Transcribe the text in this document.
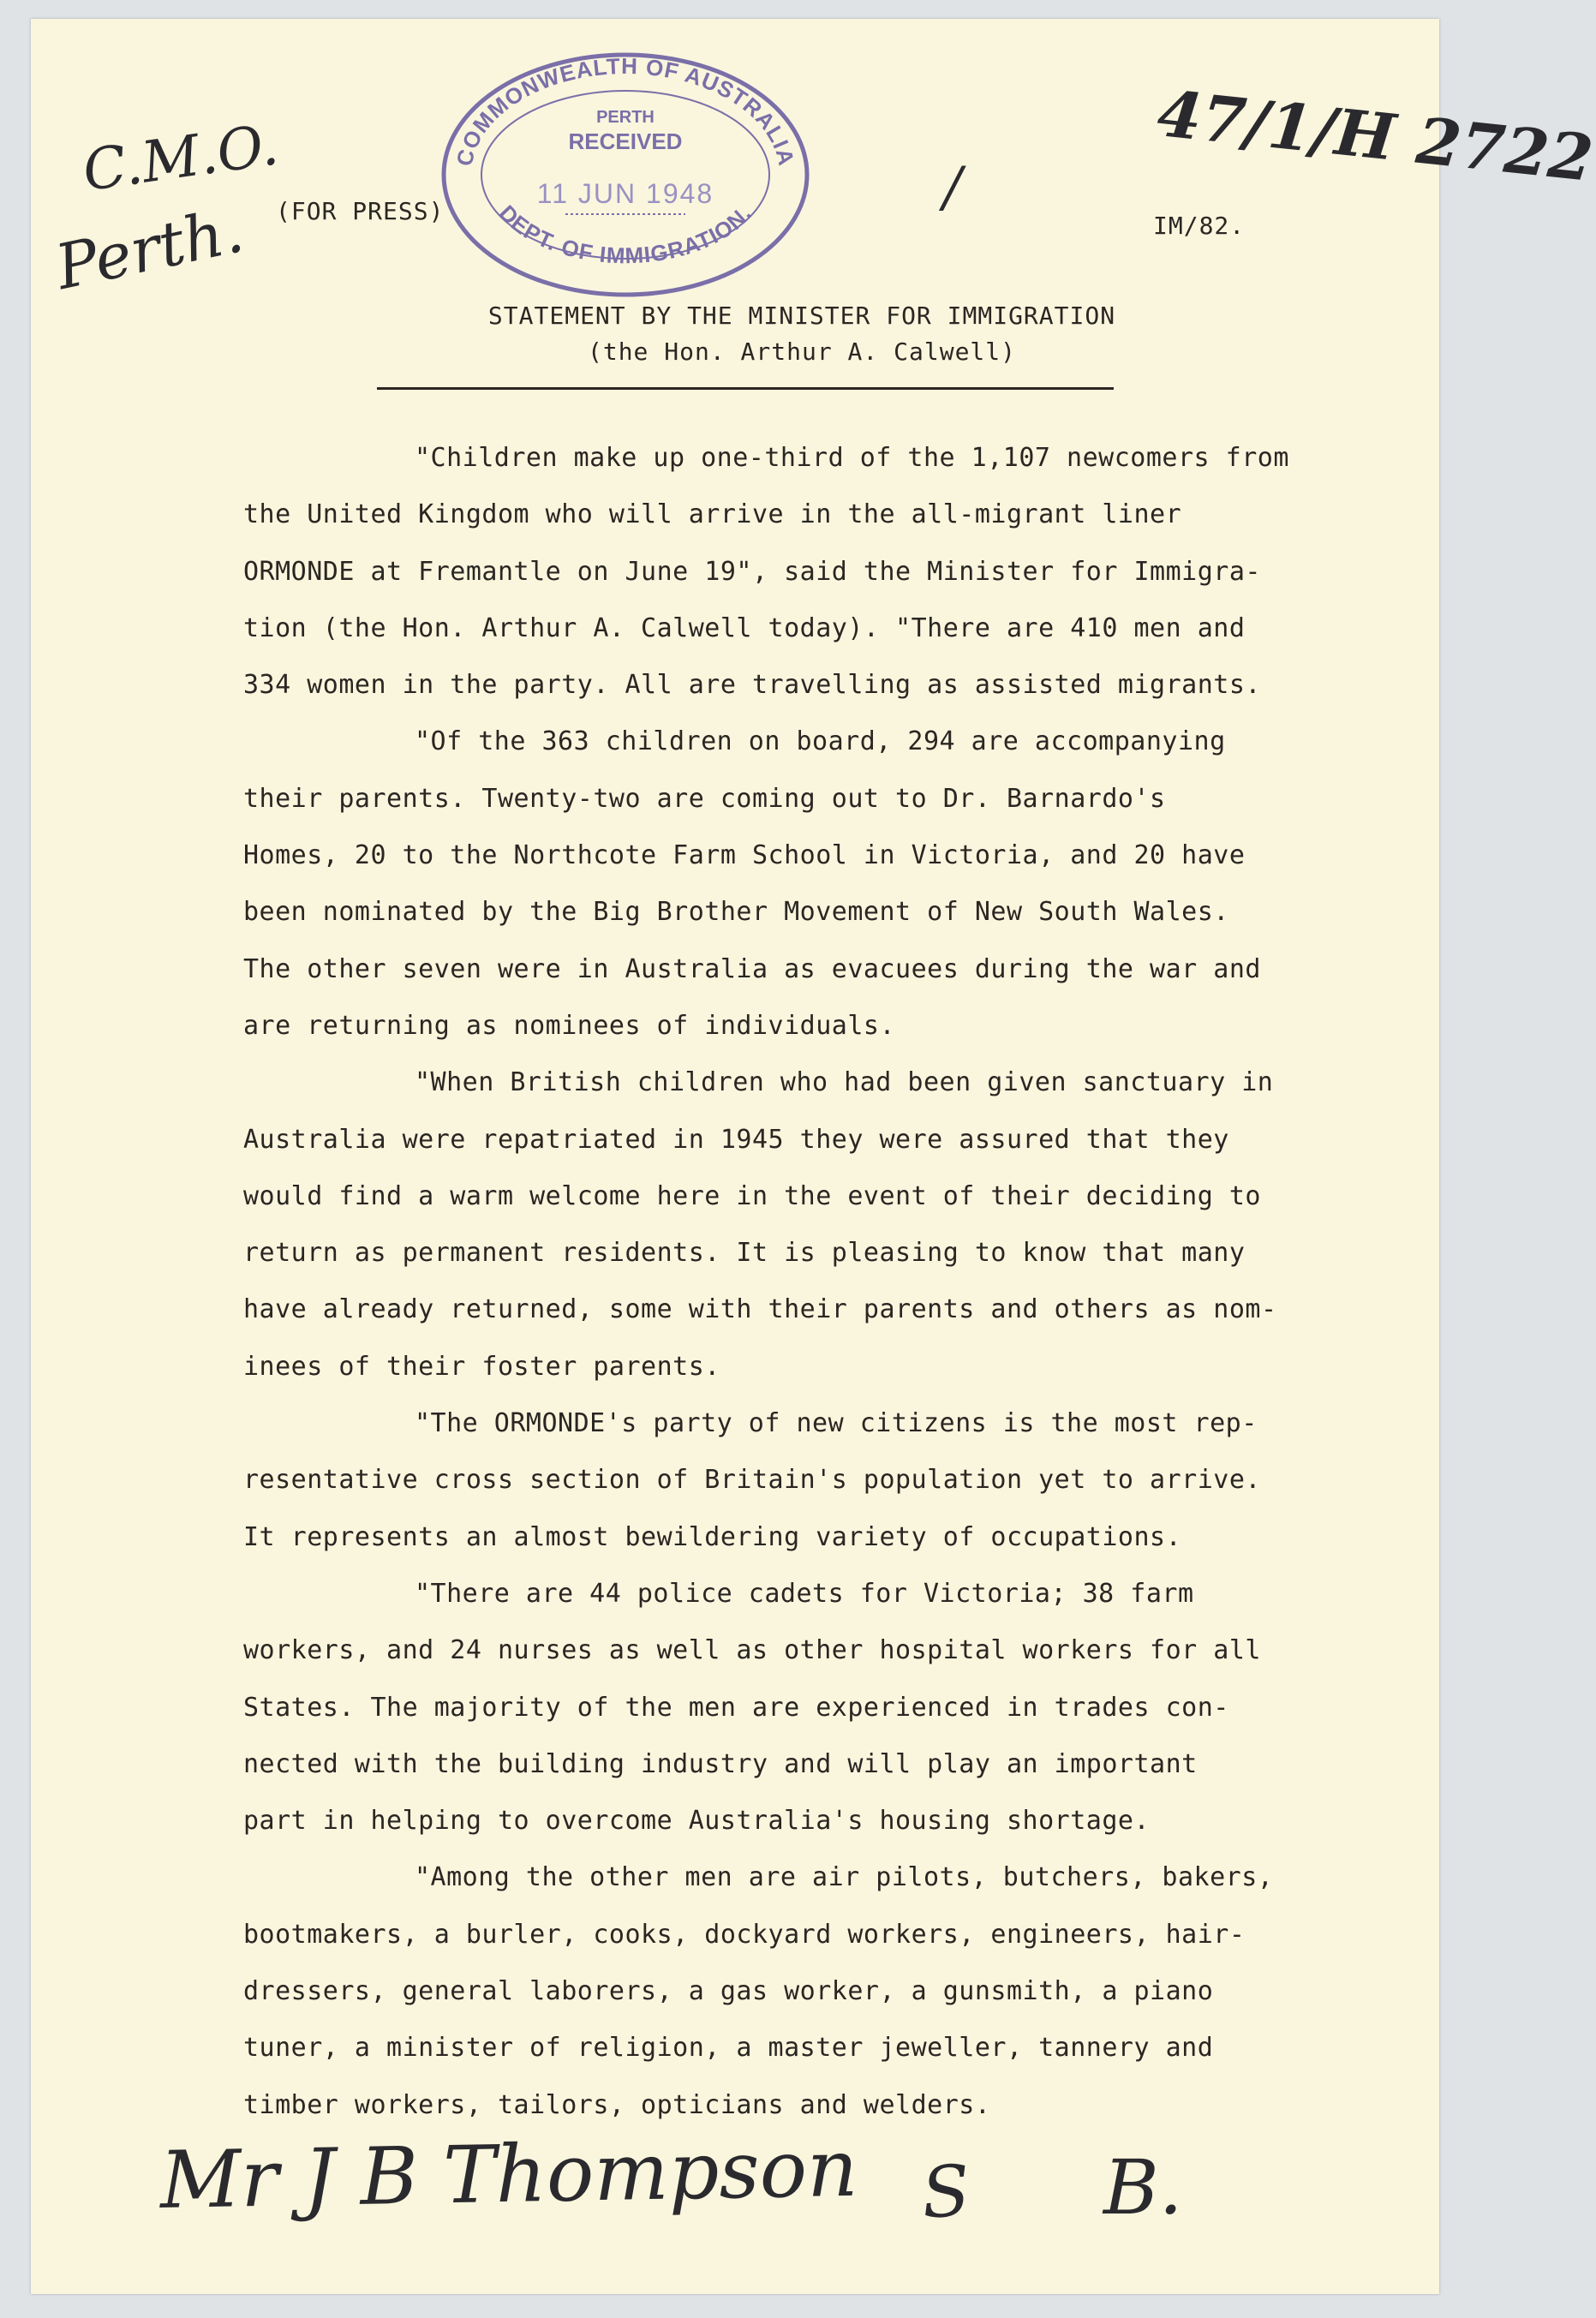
C.M.O.
Perth.
47/1/H 2722
/
(FOR PRESS)
IM/82.
COMMONWEALTH OF AUSTRALIA
DEPT. OF IMMIGRATION.
PERTH
RECEIVED
11 JUN 1948
STATEMENT BY THE MINISTER FOR IMMIGRATION
(the Hon. Arthur A. Calwell)

"Children make up one-third of the 1,107 newcomers from
the United Kingdom who will arrive in the all-migrant liner
ORMONDE at Fremantle on June 19", said the Minister for Immigra-
tion (the Hon. Arthur A. Calwell today). "There are 410 men and
334 women in the party. All are travelling as assisted migrants.

"Of the 363 children on board, 294 are accompanying
their parents. Twenty-two are coming out to Dr. Barnardo's
Homes, 20 to the Northcote Farm School in Victoria, and 20 have
been nominated by the Big Brother Movement of New South Wales.
The other seven were in Australia as evacuees during the war and
are returning as nominees of individuals.

"When British children who had been given sanctuary in
Australia were repatriated in 1945 they were assured that they
would find a warm welcome here in the event of their deciding to
return as permanent residents. It is pleasing to know that many
have already returned, some with their parents and others as nom-
inees of their foster parents.

"The ORMONDE's party of new citizens is the most rep-
resentative cross section of Britain's population yet to arrive.
It represents an almost bewildering variety of occupations.

"There are 44 police cadets for Victoria; 38 farm
workers, and 24 nurses as well as other hospital workers for all
States. The majority of the men are experienced in trades con-
nected with the building industry and will play an important
part in helping to overcome Australia's housing shortage.

"Among the other men are air pilots, butchers, bakers,
bootmakers, a burler, cooks, dockyard workers, engineers, hair-
dressers, general laborers, a gas worker, a gunsmith, a piano
tuner, a minister of religion, a master jeweller, tannery and
timber workers, tailors, opticians and welders.

Mr J B Thompson S B.
